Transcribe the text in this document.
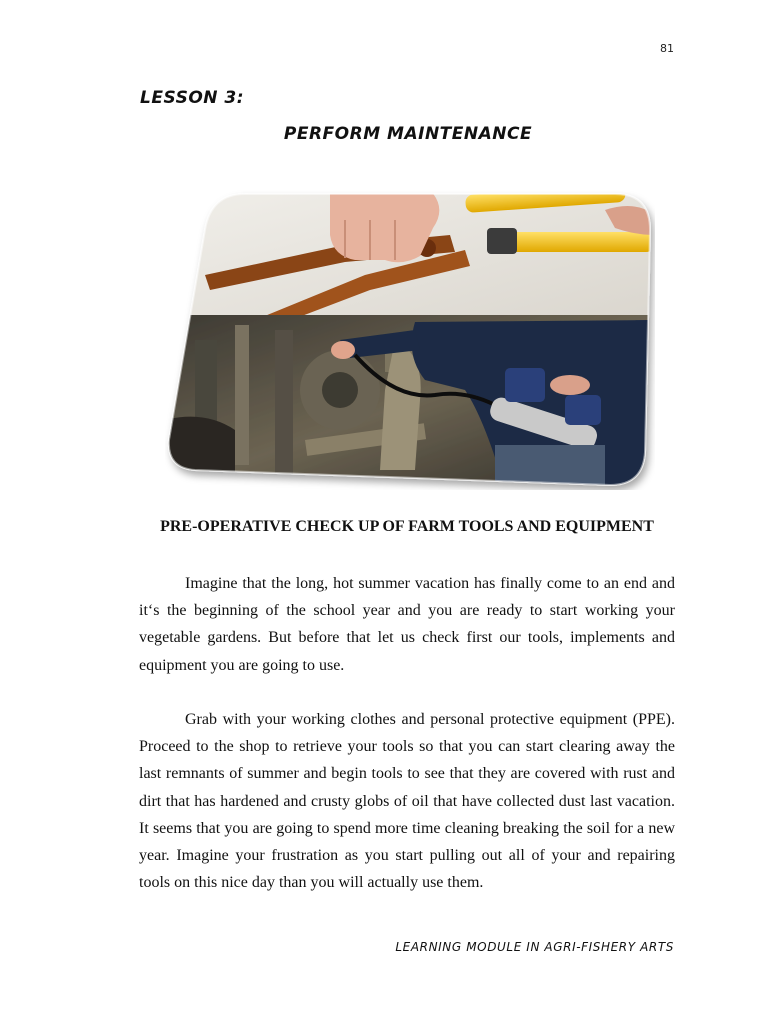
81
LESSON 3:
PERFORM MAINTENANCE
PRE-OPERATIVE CHECK UP OF FARM TOOLS AND EQUIPMENT

Imagine that the long, hot summer vacation has finally come to an end and it‘s the beginning of the school year and you are ready to start working your vegetable gardens. But before that let us check first our tools, implements and equipment you are going to use.

Grab with your working clothes and personal protective equipment (PPE). Proceed to the shop to retrieve your tools so that you can start clearing away the last remnants of summer and begin tools to see that they are covered with rust and dirt that has hardened and crusty globs of oil that have collected dust last vacation. It seems that you are going to spend more time cleaning breaking the soil for a new year. Imagine your frustration as you start pulling out all of your and repairing tools on this nice day than you will actually use them.

LEARNING MODULE IN AGRI-FISHERY ARTS
